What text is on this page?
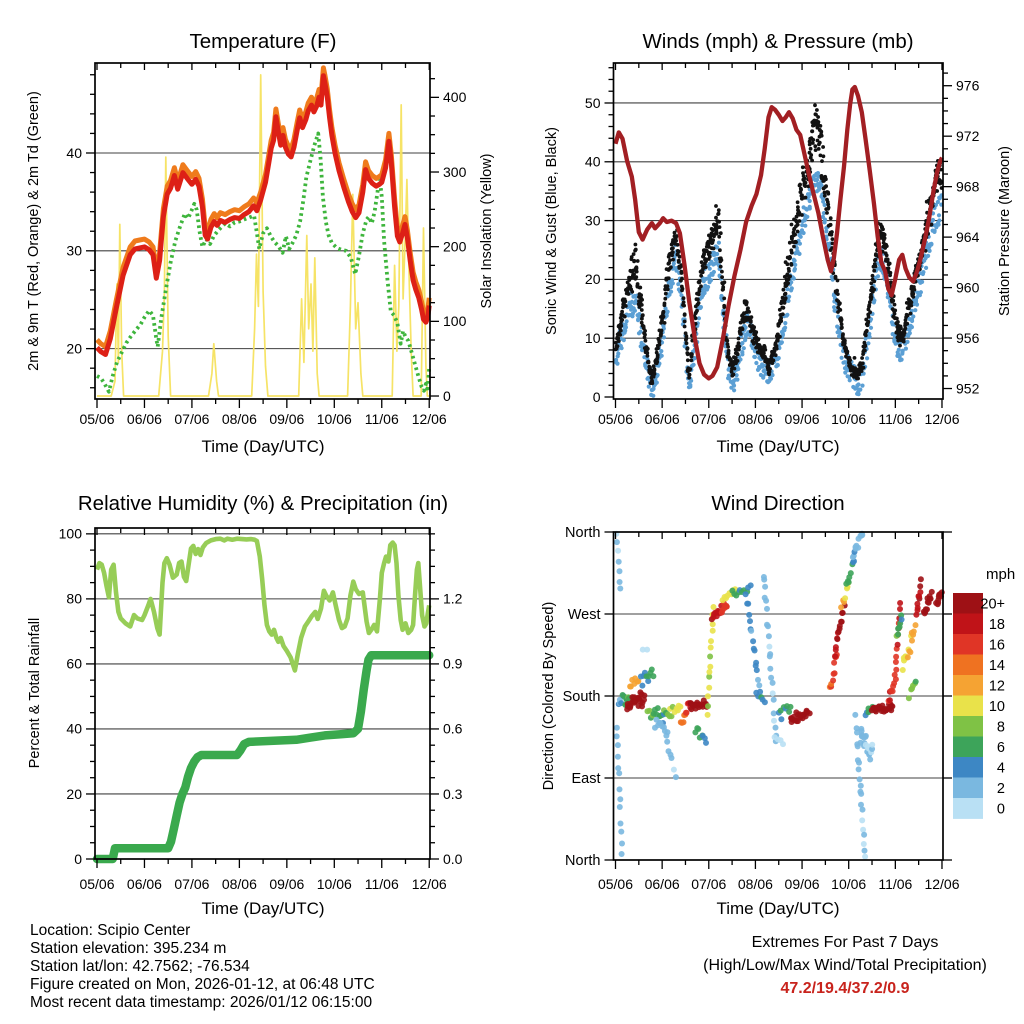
20
30
40
0
100
200
300
400
05/06 06/06 07/06 08/06 09/06 10/06 11/06 12/06
0
10
20
30
40
50
952
956
960
964
968
972
976
05/06 06/06 07/06 08/06 09/06 10/06 11/06 12/06
0
20
40
60
80
100
0.0
0.3
0.6
0.9
1.2
05/06 06/06 07/06 08/06 09/06 10/06 11/06 12/06
North
West
South
East
North
05/06 06/06 07/06 08/06 09/06 10/06 11/06 12/06
20+
18
16
14
12
10
8
6
4
2
0
Temperature (F)	Winds (mph) & Pressure (mb)
Relative Humidity (%) & Precipitation (in)	Wind Direction
Time (Day/UTC)	Time (Day/UTC)
Time (Day/UTC)	Time (Day/UTC)
2m & 9m T (Red, Orange) & 2m Td (Green)	Solar Insolation (Yellow)	Sonic Wind & Gust (Blue, Black)	Station Pressure (Maroon)
Percent & Total Rainfall	Direction (Colored By Speed)
mph
Location: Scipio Center
Station elevation: 395.234 m
Station lat/lon: 42.7562; -76.534
Figure created on Mon, 2026-01-12, at 06:48 UTC
Most recent data timestamp: 2026/01/12 06:15:00
Extremes For Past 7 Days
(High/Low/Max Wind/Total Precipitation)
47.2/19.4/37.2/0.9
